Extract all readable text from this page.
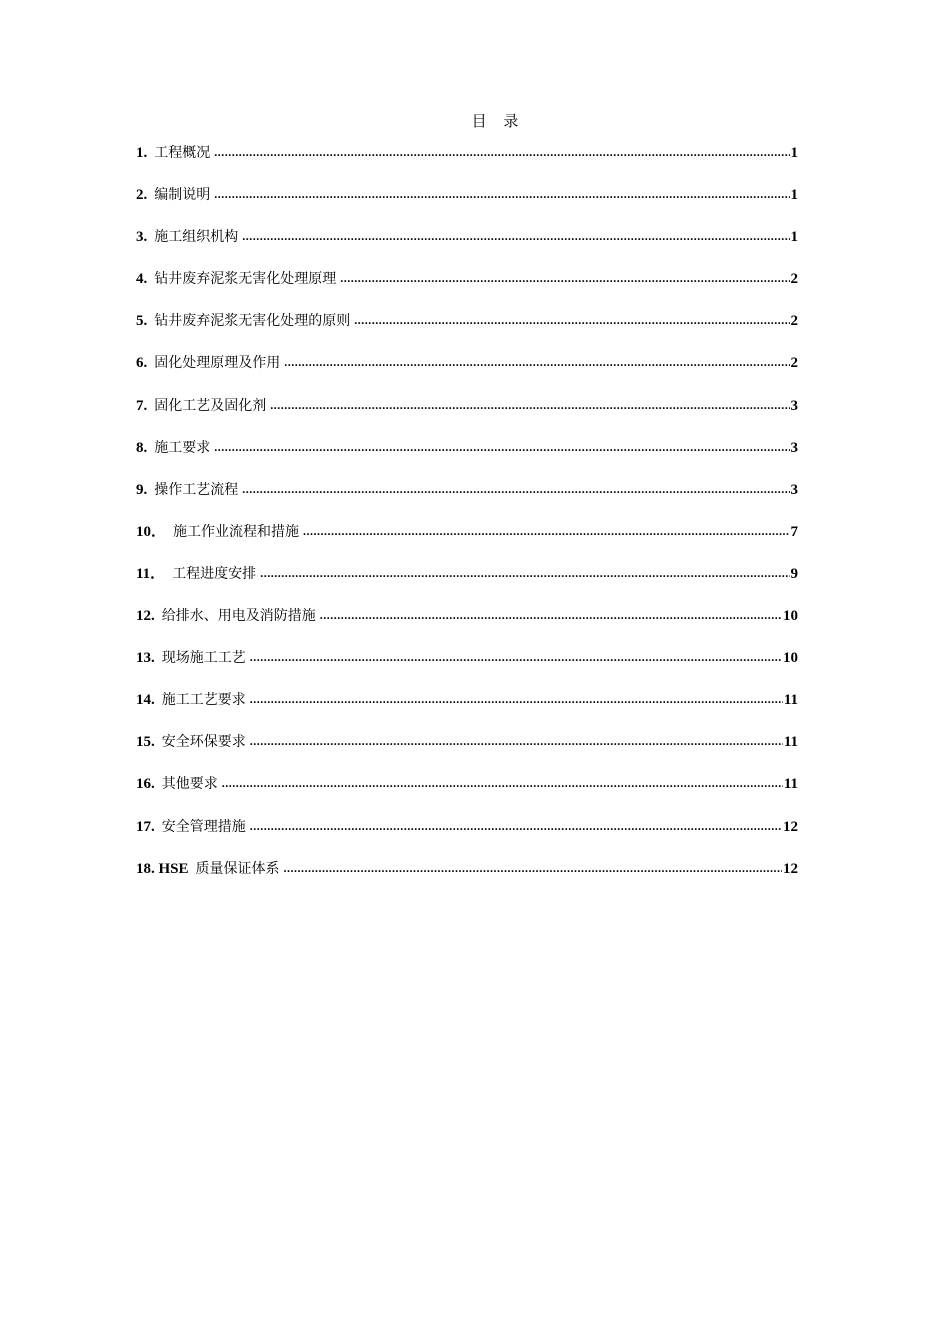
目 录
1. 工程概况 .....	1
2. 编制说明 .....	1
3. 施工组织机构 .....	1
4. 钻井废弃泥浆无害化处理原理 .....	2
5. 钻井废弃泥浆无害化处理的原则 .....	2
6. 固化处理原理及作用 .....	2
7. 固化工艺及固化剂 .....	3
8. 施工要求 .....	3
9. 操作工艺流程 .....	3
10． 施工作业流程和措施 .....	7
11． 工程进度安排 .....	9
12. 给排水、用电及消防措施 .....	10
13. 现场施工工艺 .....	10
14. 施工工艺要求 .....	11
15. 安全环保要求 .....	11
16. 其他要求 .....	11
17. 安全管理措施 .....	12
18. HSE 质量保证体系 .....	12
